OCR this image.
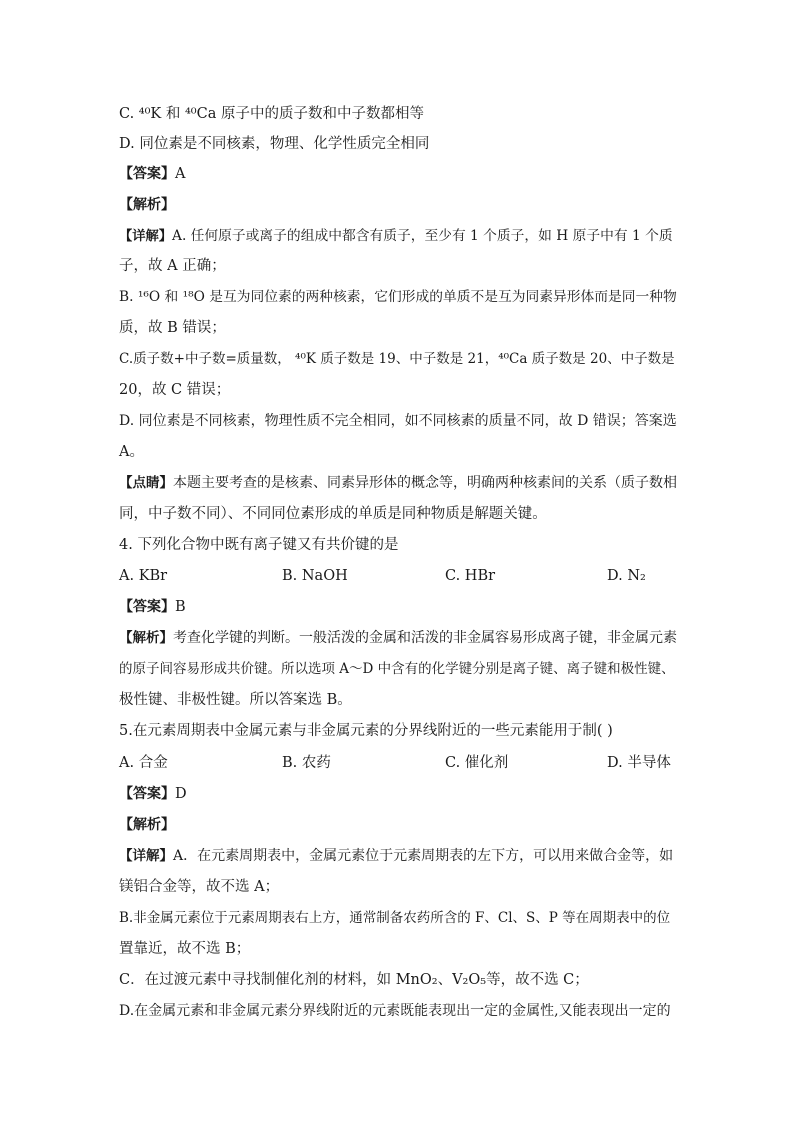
C. ⁴⁰K 和 ⁴⁰Ca 原子中的质子数和中子数都相等
D. 同位素是不同核素，物理、化学性质完全相同
【答案】A
【解析】
【详解】A. 任何原子或离子的组成中都含有质子，至少有 1 个质子，如 H 原子中有 1 个质
子，故 A 正确；
B. ¹⁶O 和 ¹⁸O 是互为同位素的两种核素，它们形成的单质不是互为同素异形体而是同一种物
质，故 B 错误；
C.质子数+中子数=质量数， ⁴⁰K 质子数是 19、中子数是 21，⁴⁰Ca 质子数是 20、中子数是
20，故 C 错误；
D. 同位素是不同核素，物理性质不完全相同，如不同核素的质量不同，故 D 错误；答案选
A。
【点睛】本题主要考查的是核素、同素异形体的概念等，明确两种核素间的关系（质子数相
同，中子数不同）、不同同位素形成的单质是同种物质是解题关键。
4. 下列化合物中既有离子键又有共价键的是
A. KBr	B. NaOH	C. HBr	D. N₂
【答案】B
【解析】考查化学键的判断。一般活泼的金属和活泼的非金属容易形成离子键，非金属元素
的原子间容易形成共价键。所以选项 A～D 中含有的化学键分别是离子键、离子键和极性键、
极性键、非极性键。所以答案选 B。
5.在元素周期表中金属元素与非金属元素的分界线附近的一些元素能用于制( )
A. 合金	B. 农药	C. 催化剂	D. 半导体
【答案】D
【解析】
【详解】A．在元素周期表中，金属元素位于元素周期表的左下方，可以用来做合金等，如
镁铝合金等，故不选 A；
B.非金属元素位于元素周期表右上方，通常制备农药所含的 F、Cl、S、P 等在周期表中的位
置靠近，故不选 B；
C．在过渡元素中寻找制催化剂的材料，如 MnO₂、V₂O₅等，故不选 C；
D.在金属元素和非金属元素分界线附近的元素既能表现出一定的金属性,又能表现出一定的
